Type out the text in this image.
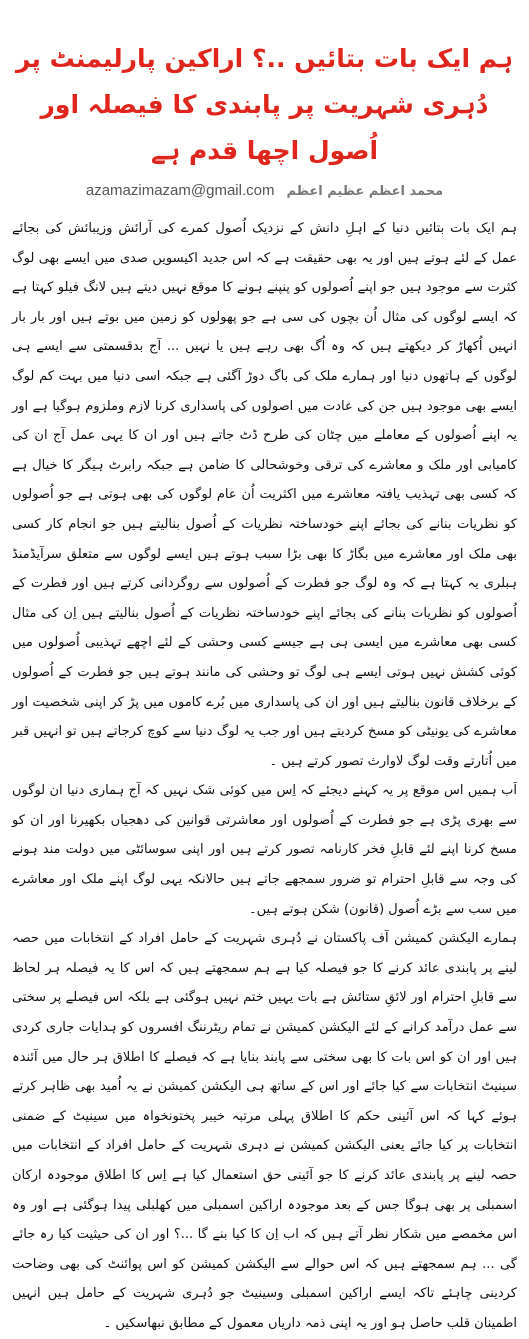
ہم ایک بات بتائیں ..؟ اراکین پارلیمنٹ پر دُہری شہریت پر پابندی کا فیصلہ اور اُصول اچھا قدم ہے
azamazimazam@gmail.com محمد اعظم عظیم اعظم

ہم ایک بات بتائیں دنیا کے اہلِ دانش کے نزدیک اُصول کمرے کی آرائش وزیبائش کی بجائے عمل کے لئے ہوتے ہیں اور یہ بھی حقیقت ہے کہ اس جدید اکیسویں صدی میں ایسے بھی لوگ کثرت سے موجود ہیں جو اپنے اُصولوں کو پنپنے ہونے کا موقع نہیں دیتے ہیں لانگ فیلو کہتا ہے کہ ایسے لوگوں کی مثال اُن بچوں کی سی ہے جو پھولوں کو زمین میں بوتے ہیں اور بار بار انہیں اُکھاڑ کر دیکھتے ہیں کہ وہ اُگ بھی رہے ہیں یا نہیں ... آج بدقسمتی سے ایسے ہی لوگوں کے ہاتھوں دنیا اور ہمارے ملک کی باگ دوڑ آگئی ہے جبکہ اسی دنیا میں بہت کم لوگ ایسے بھی موجود ہیں جن کی عادت میں اصولوں کی پاسداری کرنا لازم وملزوم ہوگیا ہے اور یہ اپنے اُصولوں کے معاملے میں چٹان کی طرح ڈٹ جاتے ہیں اور ان کا یہی عمل آج ان کی کامیابی اور ملک و معاشرے کی ترقی وخوشحالی کا ضامن ہے جبکہ رابرٹ ہیگر کا خیال ہے کہ کسی بھی تہذیب یافتہ معاشرے میں اکثریت اُن عام لوگوں کی بھی ہوتی ہے جو اُصولوں کو نظریات بنانے کی بجائے اپنے خودساختہ نظریات کے اُصول بنالیتے ہیں جو انجام کار کسی بھی ملک اور معاشرے میں بگاڑ کا بھی بڑا سبب ہوتے ہیں ایسے لوگوں سے متعلق سرآیڈمنڈ ہبلری یہ کہتا ہے کہ وہ لوگ جو فطرت کے اُصولوں سے روگردانی کرتے ہیں اور فطرت کے اُصولوں کو نظریات بنانے کی بجائے اپنے خودساختہ نظریات کے اُصول بنالیتے ہیں اِن کی مثال کسی بھی معاشرے میں ایسی ہی ہے جیسے کسی وحشی کے لئے اچھے تہذیبی اُصولوں میں کوئی کشش نہیں ہوتی ایسے ہی لوگ تو وحشی کی مانند ہوتے ہیں جو فطرت کے اُصولوں کے برخلاف قانون بنالیتے ہیں اور ان کی پاسداری میں بُرے کاموں میں پڑ کر اپنی شخصیت اور معاشرے کی یونیٹی کو مسخ کردیتے ہیں اور جب یہ لوگ دنیا سے کوچ کرجاتے ہیں تو انہیں قبر میں اُتارتے وقت لوگ لاوارث تصور کرتے ہیں ۔

اَب ہمیں اس موقع پر یہ کہنے دیجئے کہ اِس میں کوئی شک نہیں کہ آج ہماری دنیا ان لوگوں سے بھری پڑی ہے جو فطرت کے اُصولوں اور معاشرتی قوانین کی دھجیاں بکھیرنا اور ان کو مسخ کرنا اپنے لئے قابلِ فخر کارنامہ تصور کرتے ہیں اور اپنی سوسائٹی میں دولت مند ہونے کی وجہ سے قابلِ احترام تو ضرور سمجھے جاتے ہیں حالانکہ یہی لوگ اپنے ملک اور معاشرے میں سب سے بڑے اُصول (قانون) شکن ہوتے ہیں۔

ہمارے الیکشن کمیشن آف پاکستان نے دُہری شہریت کے حامل افراد کے انتخابات میں حصہ لینے پر پابندی عائد کرنے کا جو فیصلہ کیا ہے ہم سمجھتے ہیں کہ اس کا یہ فیصلہ ہر لحاظ سے قابلِ احترام اور لائقِ ستائش ہے بات یہیں ختم نہیں ہوگئی ہے بلکہ اس فیصلے پر سختی سے عمل درآمد کرانے کے لئے الیکشن کمیشن نے تمام ریٹرننگ افسروں کو ہدایات جاری کردی ہیں اور ان کو اس بات کا بھی سختی سے پابند بنایا ہے کہ فیصلے کا اطلاق ہر حال میں آئندہ سینیٹ انتخابات سے کیا جائے اور اس کے ساتھ ہی الیکشن کمیشن نے یہ اُمید بھی ظاہر کرتے ہوئے کہا کہ اس آئینی حکم کا اطلاق پہلی مرتبہ خیبر پختونخواہ میں سینیٹ کے ضمنی انتخابات پر کیا جائے یعنی الیکشن کمیشن نے دہری شہریت کے حامل افراد کے انتخابات میں حصہ لینے پر پابندی عائد کرنے کا جو آئینی حق استعمال کیا ہے اِس کا اطلاق موجودہ ارکان اسمبلی پر بھی ہوگا جس کے بعد موجودہ اراکین اسمبلی میں کھلبلی پیدا ہوگئی ہے اور وہ اس مخمصے میں شکار نظر آتے ہیں کہ اب اِن کا کیا بنے گا ...؟ اور ان کی حیثیت کیا رہ جائے گی ... ہم سمجھتے ہیں کہ اس حوالے سے الیکشن کمیشن کو اس پوائنٹ کی بھی وضاحت کردینی چاہئے تاکہ ایسے اراکین اسمبلی وسینیٹ جو دُہری شہریت کے حامل ہیں انہیں اطمینان قلب حاصل ہو اور یہ اپنی ذمہ داریاں معمول کے مطابق نبھاسکیں ۔
